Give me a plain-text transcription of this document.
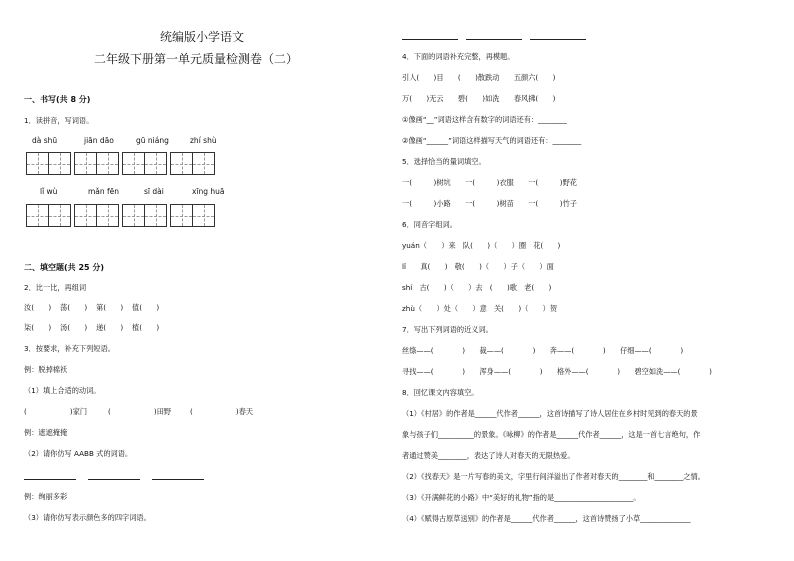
统编版小学语文
二年级下册第一单元质量检测卷（二）
一、书写(共 8 分)
1．读拼音，写词语。
dà shū	jiān dāo	gū niáng	zhí shù
lǐ wù	mǎn fēn	sī dài	xīng huā
二、填空题(共 25 分)
2．比一比，再组词
汝(　　) 荡(　　) 第(　　) 值(　　)
柒(　　) 汤(　　) 递(　　) 植(　　)
3．按要求，补充下列短语。
例：脱掉棉袄
（1）填上合适的动词。
(　　　　　　)家门	(　　　　　　)田野	(　　　　　　)春天
例：遮遮掩掩
（2）请你仿写 AABB 式的词语。
例：绚丽多彩
（3）请你仿写表示颜色多的四字词语。
4．下面的词语补充完整，再模题。
引人(　　)目　　(　　)散跌动　　五颜六(　　)
万(　　)无云　　碧(　　)如洗　　春风拂(　　)
①像画“__”词语这样含有数字的词语还有：________
②像画“______”词语这样描写天气的词语还有：________
5．选择恰当的量词填空。
一(　　　)树坑　　一(　　　)衣服　　一(　　　)野花
一(　　　)小路　　一(　　　)树苗　　一(　　　)竹子
6．同音字组词。
yuán（　　）来　队(　　)（　　）圈　花(　　)
lǐ　　真(　　)　敬(　　)（　　）子（　　）面
shí　古(　　)（　　）去　(　　)歌　老(　　)
zhù（　　）处（　　）意　关(　　)（　　）贺
7．写出下列词语的近义词。
丝绦——(　　　　)　　裁——(　　　　)　　奔——(　　　　)　　仔细——(　　　　)
寻找——(　　　　)　　浑身——(　　　　)　　格外——(　　　　)　　碧空如洗——(　　　　)
8．回忆课文内容填空。
（1）《村居》的作者是______代作者______，这首诗描写了诗人居住在乡村时见到的春天的景
象与孩子们__________的景象。《咏柳》的作者是______代作者______，这是一首七言绝句，作
者通过赞美________，表达了诗人对春天的无限热爱。
（2）《找春天》是一片写春的美文，字里行间洋溢出了作者对春天的________和________之情。
（3）《开满鲜花的小路》中“美好的礼物”指的是______________________。
（4）《赋得古原草送别》的作者是______代作者______，这首诗赞扬了小草______________
